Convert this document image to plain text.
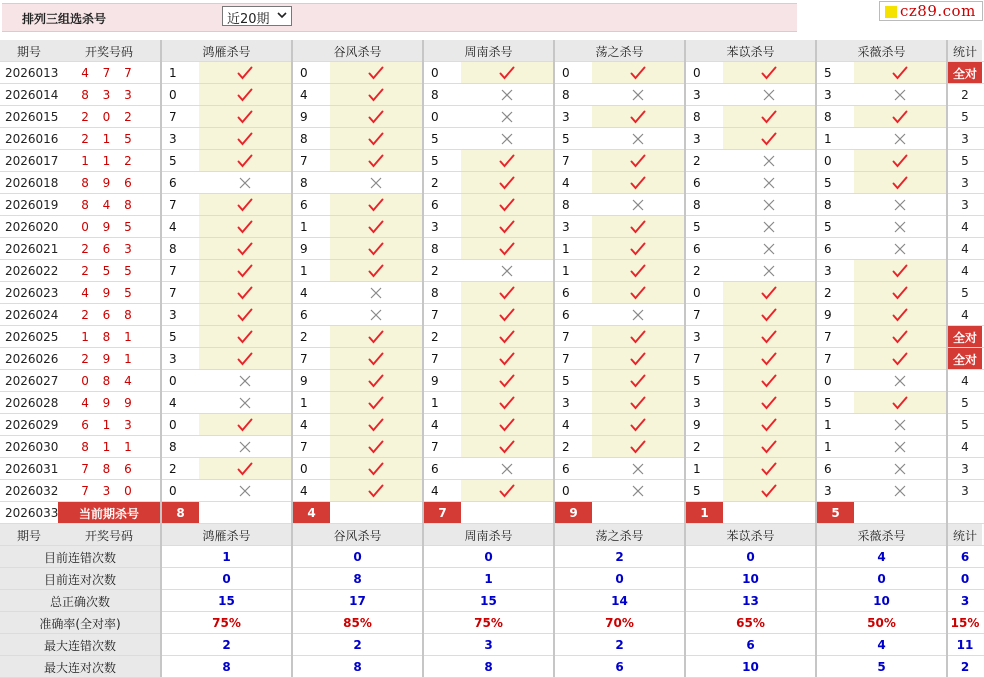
排列三组选杀号	近20期	cz89.com
期号	开奖号码	鸿雁杀号	谷风杀号	周南杀号	荡之杀号	苯苡杀号	采薇杀号	统计
2026013	4 7 7	1	0	0	0	0	5	全对
2026014	8 3 3	0	4	8	8	3	3	2
2026015	2 0 2	7	9	0	3	8	8	5
2026016	2 1 5	3	8	5	5	3	1	3
2026017	1 1 2	5	7	5	7	2	0	5
2026018	8 9 6	6	8	2	4	6	5	3
2026019	8 4 8	7	6	6	8	8	8	3
2026020	0 9 5	4	1	3	3	5	5	4
2026021	2 6 3	8	9	8	1	6	6	4
2026022	2 5 5	7	1	2	1	2	3	4
2026023	4 9 5	7	4	8	6	0	2	5
2026024	2 6 8	3	6	7	6	7	9	4
2026025	1 8 1	5	2	2	7	3	7	全对
2026026	2 9 1	3	7	7	7	7	7	全对
2026027	0 8 4	0	9	9	5	5	0	4
2026028	4 9 9	4	1	1	3	3	5	5
2026029	6 1 3	0	4	4	4	9	1	5
2026030	8 1 1	8	7	7	2	2	1	4
2026031	7 8 6	2	0	6	6	1	6	3
2026032	7 3 0	0	4	4	0	5	3	3
2026033	当前期杀号	8	4	7	9	1	5
期号	开奖号码	鸿雁杀号	谷风杀号	周南杀号	荡之杀号	苯苡杀号	采薇杀号	统计
目前连错次数	1	0	0	2	0	4	6
目前连对次数	0	8	1	0	10	0	0
总正确次数	15	17	15	14	13	10	3
准确率(全对率)	75%	85%	75%	70%	65%	50%	15%
最大连错次数	2	2	3	2	6	4	11
最大连对次数	8	8	8	6	10	5	2
